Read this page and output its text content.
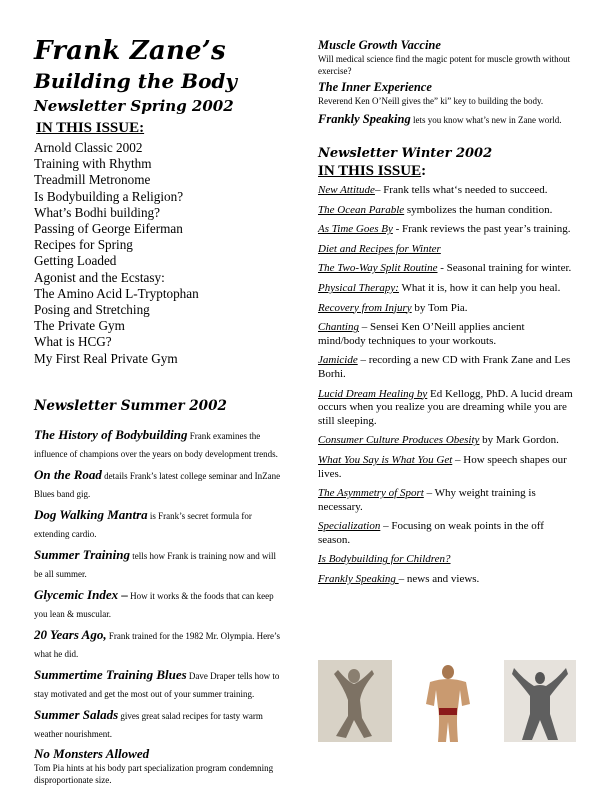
Frank Zane’s
Building the Body
Newsletter Spring 2002
IN THIS ISSUE:
Arnold Classic 2002
Training with Rhythm
Treadmill Metronome
Is Bodybuilding a Religion?
What’s Bodhi building?
Passing of George Eiferman
Recipes for Spring
Getting Loaded
Agonist and the Ecstasy:
The Amino Acid L-Tryptophan
Posing and Stretching
The Private Gym
What is HCG?
My First Real Private Gym
Newsletter Summer 2002
The History of Bodybuilding Frank examines the influence of champions over the years on body development trends.
On the Road details Frank’s latest college seminar and InZane Blues band gig.
Dog Walking Mantra is Frank’s secret formula for extending cardio.
Summer Training tells how Frank is training now and will be all summer.
Glycemic Index – How it works & the foods that can keep you lean & muscular.
20 Years Ago, Frank trained for the 1982 Mr. Olympia. Here’s what he did.
Summertime Training Blues Dave Draper tells how to stay motivated and get the most out of your summer training.
Summer Salads gives great salad recipes for tasty warm weather nourishment.
No Monsters Allowed
Tom Pia hints at his body part specialization program condemning disproportionate size.
Muscle Growth Vaccine
Will medical science find the magic potent for muscle growth without exercise?
The Inner Experience
Reverend Ken O’Neill gives the” ki” key to building the body.
Frankly Speaking lets you know what’s new in Zane world.
Newsletter Winter 2002
IN THIS ISSUE:
New Attitude– Frank tells what‘s needed to succeed.
The Ocean Parable symbolizes the human condition.
As Time Goes By - Frank reviews the past year’s training.
Diet and Recipes for Winter
The Two-Way Split Routine - Seasonal training for winter.
Physical Therapy: What it is, how it can help you heal.
Recovery from Injury by Tom Pia.
Chanting – Sensei Ken O’Neill applies ancient mind/body techniques to your workouts.
Jamicide – recording a new CD with Frank Zane and Les Borhi.
Lucid Dream Healing by Ed Kellogg, PhD. A lucid dream occurs when you realize you are dreaming while you are still sleeping.
Consumer Culture Produces Obesity by Mark Gordon.
What You Say is What You Get – How speech shapes our lives.
The Asymmetry of Sport – Why weight training is necessary.
Specialization – Focusing on weak points in the off season.
Is Bodybuilding for Children?
Frankly Speaking – news and views.
